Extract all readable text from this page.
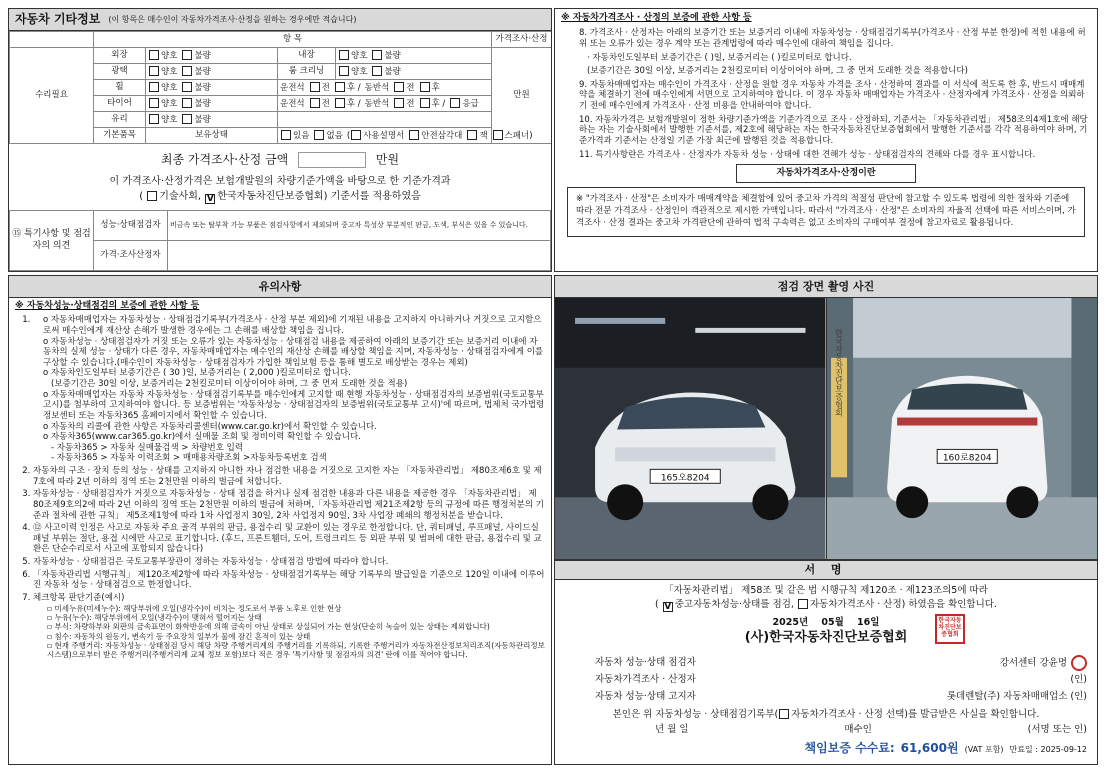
자동차 기타정보 (이 항목은 매수인이 자동차가격조사·산정을 원하는 경우에만 적습니다)
	항 목				가격조사·산정	
수리필요	외장	양호 불량	내장	양호 불량	만원	
	광택	양호 불량	룸 크리닝	양호 불량		
	휠	양호 불량	운전석 전 후 / 동반석 전 후			
	타이어	양호 불량	운전석 전 후 / 동반석 전 후 / 응급			
	유리	양호 불량				
	기본품목	보유상태	있음 없음 ( 사용설명서 안전삼각대 잭 스패너)			
최종 가격조사·산정 금액	만원
이 가격조사·산정가격은 보험개발원의 차량기준가액을 바탕으로 한 기준가격과
( 기술사회, V 한국자동차진단보증협회) 기준서를 적용하였음
⑮ 특기사항 및 점검자의 의견	성능·상태점검자	비금속 또는 탈부착 가능 부품은 점검사항에서 제외되며 중고차 특성상 부분적인 판금, 도색, 부식은 있을 수 있습니다.
	가격·조사산정자	
※ 자동차가격조사 · 산정의 보증에 관한 사항 등
8. 가격조사 · 산정자는 아래의 보증기간 또는 보증거리 이내에 자동차성능 · 상태점검기록부(가격조사 · 산정 부분 한정)에 적힌 내용에 허위 또는 오류가 있는 경우 계약 또는 관계법령에 따라 매수인에 대하여 책임을 집니다.
· 자동차인도일부터 보증기간은 ( )일, 보증거리는 ( )킬로미터로 합니다.
(보증기간은 30일 이상, 보증거리는 2천킬로미터 이상이어야 하며, 그 중 먼저 도래한 것을 적용합니다)
9. 자동차매매업자는 매수인이 가격조사 · 산정을 원할 경우 자동차 가격을 조사 · 산정하여 결과를 이 서식에 적도록 한 후, 반드시 매매계약을 체결하기 전에 매수인에게 서면으로 고지하여야 합니다. 이 경우 자동차 매매업자는 가격조사 · 산정자에게 가격조사 · 산정을 의뢰하기 전에 매수인에게 가격조사 · 산정 비용을 안내하여야 합니다.
10. 자동차가격은 보험개발원이 정한 차량기준가액을 기준가격으로 조사 · 산정하되, 기준서는 「자동차관리법」 제58조의4제1호에 해당하는 자는 기술사회에서 발행한 기준서를, 제2호에 해당하는 자는 한국자동차진단보증협회에서 발행한 기준서를 각각 적용하여야 하며, 기준가격과 기준서는 산정일 기준 가장 최근에 발행된 것을 적용합니다.
11. 특기사항란은 가격조사 · 산정자가 자동차 성능 · 상태에 대한 견해가 성능 · 상태점검자의 견해와 다를 경우 표시합니다.
자동차가격조사·산정이란
※ "가격조사 · 산정"은 소비자가 매매계약을 체결함에 있어 중고차 가격의 적절성 판단에 참고할 수 있도록 법령에 의한 절차와 기준에 따라 전문 가격조사 · 산정인이 객관적으로 제시한 가액입니다. 따라서 "가격조사 · 산정"은 소비자의 자율적 선택에 따른 서비스이며, 가격조사 · 산정 결과는 중고차 가격판단에 관하여 법적 구속력은 없고 소비자의 구매여부 결정에 참고자료로 활용됩니다.
유의사항
※ 자동차성능·상태점검의 보증에 관한 사항 등
o 1. 자동차매매업자는 자동차성능 · 상태점검기록부(가격조사 · 산정 부분 제외)에 기재된 내용을 고지하지 아니하거나 거짓으로 고지함으로써 매수인에게 재산상 손해가 발생한 경우에는 그 손해를 배상할 책임을 집니다.
o 자동차성능 · 상태점검자가 거짓 또는 오류가 있는 자동차성능 · 상태점검 내용을 제공하여 아래의 보증기간 또는 보증거리 이내에 자동차의 실제 성능 · 상태가 다른 경우, 자동차매매업자는 매수인의 재산상 손해를 배상할 책임을 지며, 자동차성능 · 상태점검자에게 이를 구상할 수 있습니다.(매수인이 자동차성능 · 상태점검자가 가입한 책임보험 등을 통해 별도로 배상받는 경우는 제외)
o 자동차인도일부터 보증기간은 ( 30 )일, 보증거리는 ( 2,000 )킬로미터로 합니다.
(보증기간은 30일 이상, 보증거리는 2천킬로미터 이상이어야 하며, 그 중 먼저 도래한 것을 적용)
o 자동차매매업자는 자동차 자동차성능 · 상태점검기록부를 매수인에게 고지할 때 현행 자동차성능 · 상태점검자의 보증범위(국토교통부 고시)를 첨부하여 고지하여야 합니다. 등 보증범위는 '자동차성능 · 상태점검자의 보증범위(국토교통부 고시)'에 따르며, 법제처 국가법령정보센터 또는 자동차365 홈페이지에서 확인할 수 있습니다.
o 자동차의 리콜에 관한 사항은 자동차리콜센터(www.car.go.kr)에서 확인할 수 있습니다.
o 자동차365(www.car365.go.kr)에서 실매물 조회 및 정비이력 확인할 수 있습니다.
- 자동차365 > 자동차 실매물검색 > 차량번호 입력
- 자동차365 > 자동차 이력조회 > 매매용차량조회 >자동차등록번호 검색
2. 자동차의 구조 · 장치 등의 성능 · 상태를 고지하지 아니한 자나 점검한 내용을 거짓으로 고지한 자는 「자동차관리법」 제80조제6호 및 제7호에 따라 2년 이하의 징역 또는 2천만원 이하의 벌금에 처합니다.
3. 자동차성능 · 상태점검자가 거짓으로 자동차성능 · 상태 점검을 하거나 실제 점검한 내용과 다른 내용을 제공한 경우 「자동차관리법」 제80조제9호의2에 따라 2년 이하의 징역 또는 2천만원 이하의 벌금에 처하며,「자동차관리법 제21조제2항 등의 규정에 따른 행정처분의 기준과 절차에 관한 규칙」 제5조제1항에 따라 1차 사업정지 30일, 2차 사업정지 90일, 3차 사업장 폐쇄의 행정처분을 받습니다.
4. ⑫ 사고이력 인정은 사고로 자동차 주요 골격 부위의 판금, 용접수리 및 교환이 있는 경우로 한정합니다. 단, 쿼터패널, 루프패널, 사이드실패널 부위는 절단, 용접 시에만 사고로 표기합니다. (후드, 프론트휀더, 도어, 트렁크리드 등 외판 부위 및 범퍼에 대한 판금, 용접수리 및 교환은 단순수리로서 사고에 포함되지 않습니다)
5. 자동차성능 · 상태점검은 국토교통부장관이 정하는 자동차성능 · 상태점검 방법에 따라야 합니다.
6. 「자동차관리법 시행규칙」 제120조제2항에 따라 자동차성능 · 상태점검기록부는 해당 기록부의 발급일을 기준으로 120일 이내에 이루어진 자동차 성능 · 상태점검으로 한정합니다.
7. 체크항목 판단기준(예시)
▫ 미세누유(미세누수): 해당부위에 오일(냉각수)이 비치는 정도로서 부품 노후로 인한 현상
▫ 누유(누수): 해당부위에서 오일(냉각수)이 맺혀서 떨어지는 상태
▫ 부식: 차량하부와 외판의 금속표면이 화학반응에 의해 금속이 아닌 상태로 상실되어 가는 현상(단순히 녹슬어 있는 상태는 제외합니다)
▫ 침수: 자동차의 원동기, 변속기 등 주요장치 일부가 물에 잠긴 흔적이 있는 상태
▫ 현재 주행거리: 자동차성능 · 상태점검 당시 해당 차량 주행거리계의 주행거리를 기록하되, 기록한 주행거리가 자동차전산정보처리조직(자동차관리정보시스템)으로부터 받은 주행거리(주행거리계 교체 정보 포함)보다 적은 경우 '특기사항 및 점검자의 의견' 란에 이를 적어야 합니다.
점검 장면 촬영 사진
165오8204
160로8204
한국자동차진단보증협회
서 명
「자동차관리법」 제58조 및 같은 법 시행규칙 제120조 · 제123조의5에 따라
( V 중고자동차성능·상태를 점검, 자동차가격조사 · 산정) 하였음을 확인합니다.
2025년 05월 16일
(사)한국자동차진단보증협회
한국자동차진단보증협회
자동차 성능·상태 점검자	강서센터 강윤명
자동차가격조사 · 산정자	(인)
자동차 성능·상태 고지자	롯데렌탈(주) 자동차매매업소 (인)
본인은 위 자동차성능 · 상태점검기록부( 자동차가격조사 · 산정 선택)를 발급받은 사실을 확인합니다.
년 월 일	매수인	(서명 또는 인)
책임보증 수수료: 61,600원 (VAT 포함) 만료일 : 2025-09-12
